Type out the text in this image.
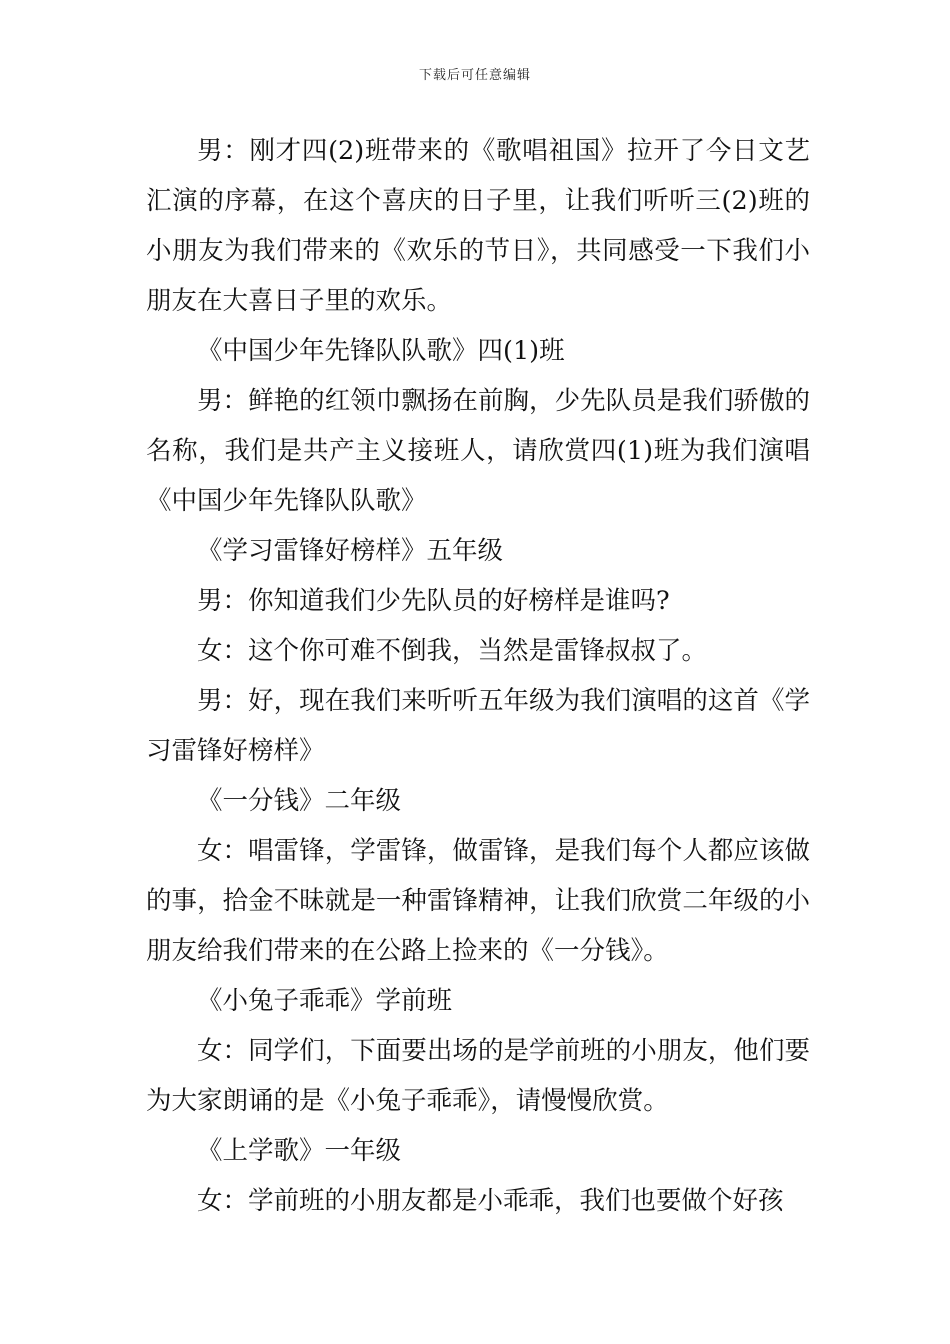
下载后可任意编辑

男：刚才四(2)班带来的《歌唱祖国》拉开了今日文艺汇演的序幕，在这个喜庆的日子里，让我们听听三(2)班的小朋友为我们带来的《欢乐的节日》，共同感受一下我们小朋友在大喜日子里的欢乐。

《中国少年先锋队队歌》四(1)班

男：鲜艳的红领巾飘扬在前胸，少先队员是我们骄傲的名称，我们是共产主义接班人，请欣赏四(1)班为我们演唱《中国少年先锋队队歌》

《学习雷锋好榜样》五年级

男：你知道我们少先队员的好榜样是谁吗?

女：这个你可难不倒我，当然是雷锋叔叔了。

男：好，现在我们来听听五年级为我们演唱的这首《学习雷锋好榜样》

《一分钱》二年级

女：唱雷锋，学雷锋，做雷锋，是我们每个人都应该做的事，拾金不昧就是一种雷锋精神，让我们欣赏二年级的小朋友给我们带来的在公路上捡来的《一分钱》。

《小兔子乖乖》学前班

女：同学们，下面要出场的是学前班的小朋友，他们要为大家朗诵的是《小兔子乖乖》，请慢慢欣赏。

《上学歌》一年级

女：学前班的小朋友都是小乖乖，我们也要做个好孩
